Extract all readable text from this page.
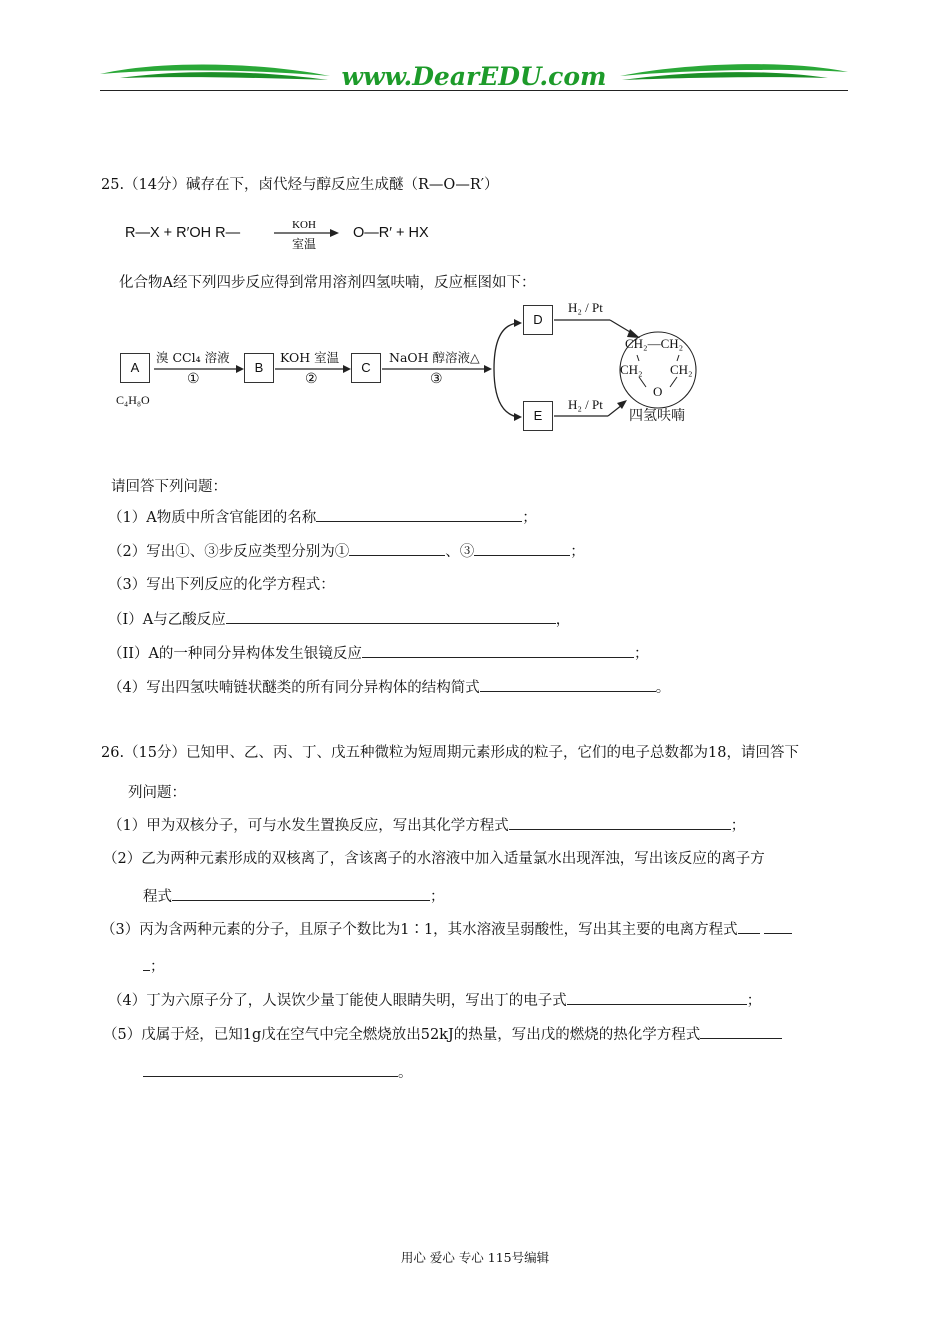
www.DearEDU.com
25.（14分）碱存在下，卤代烃与醇反应生成醚（R—O—R′）
R—X + R′OH R—	KOH
室温
O—R′ + HX
化合物A经下列四步反应得到常用溶剂四氢呋喃，反应框图如下：
A	B	C
D
E
C₄H₈O
溴 CCl₄ 溶液
①
KOH 室温
②
NaOH 醇溶液△
③
H₂ / Pt
H₂ / Pt
CH₂—CH₂
CH₂ CH₂
O
四氢呋喃
请回答下列问题：
（1）A物质中所含官能团的名称	；
（2）写出①、③步反应类型分别为①	、③	；
（3）写出下列反应的化学方程式：
（I）A与乙酸反应	，
（II）A的一种同分异构体发生银镜反应	；
（4）写出四氢呋喃链状醚类的所有同分异构体的结构简式	。
26.（15分）已知甲、乙、丙、丁、戊五种微粒为短周期元素形成的粒子，它们的电子总数都为18，请回答下
列问题：
（1）甲为双核分子，可与水发生置换反应，写出其化学方程式	；
（2）乙为两种元素形成的双核离了，含该离子的水溶液中加入适量氯水出现浑浊，写出该反应的离子方
程式	；
（3）丙为含两种元素的分子，且原子个数比为1∶1，其水溶液呈弱酸性，写出其主要的电离方程式
；
（4）丁为六原子分了，人误饮少量丁能使人眼睛失明，写出丁的电子式	；
（5）戊属于烃，已知1g戊在空气中完全燃烧放出52kJ的热量，写出戊的燃烧的热化学方程式
。
用心 爱心 专心 115号编辑
